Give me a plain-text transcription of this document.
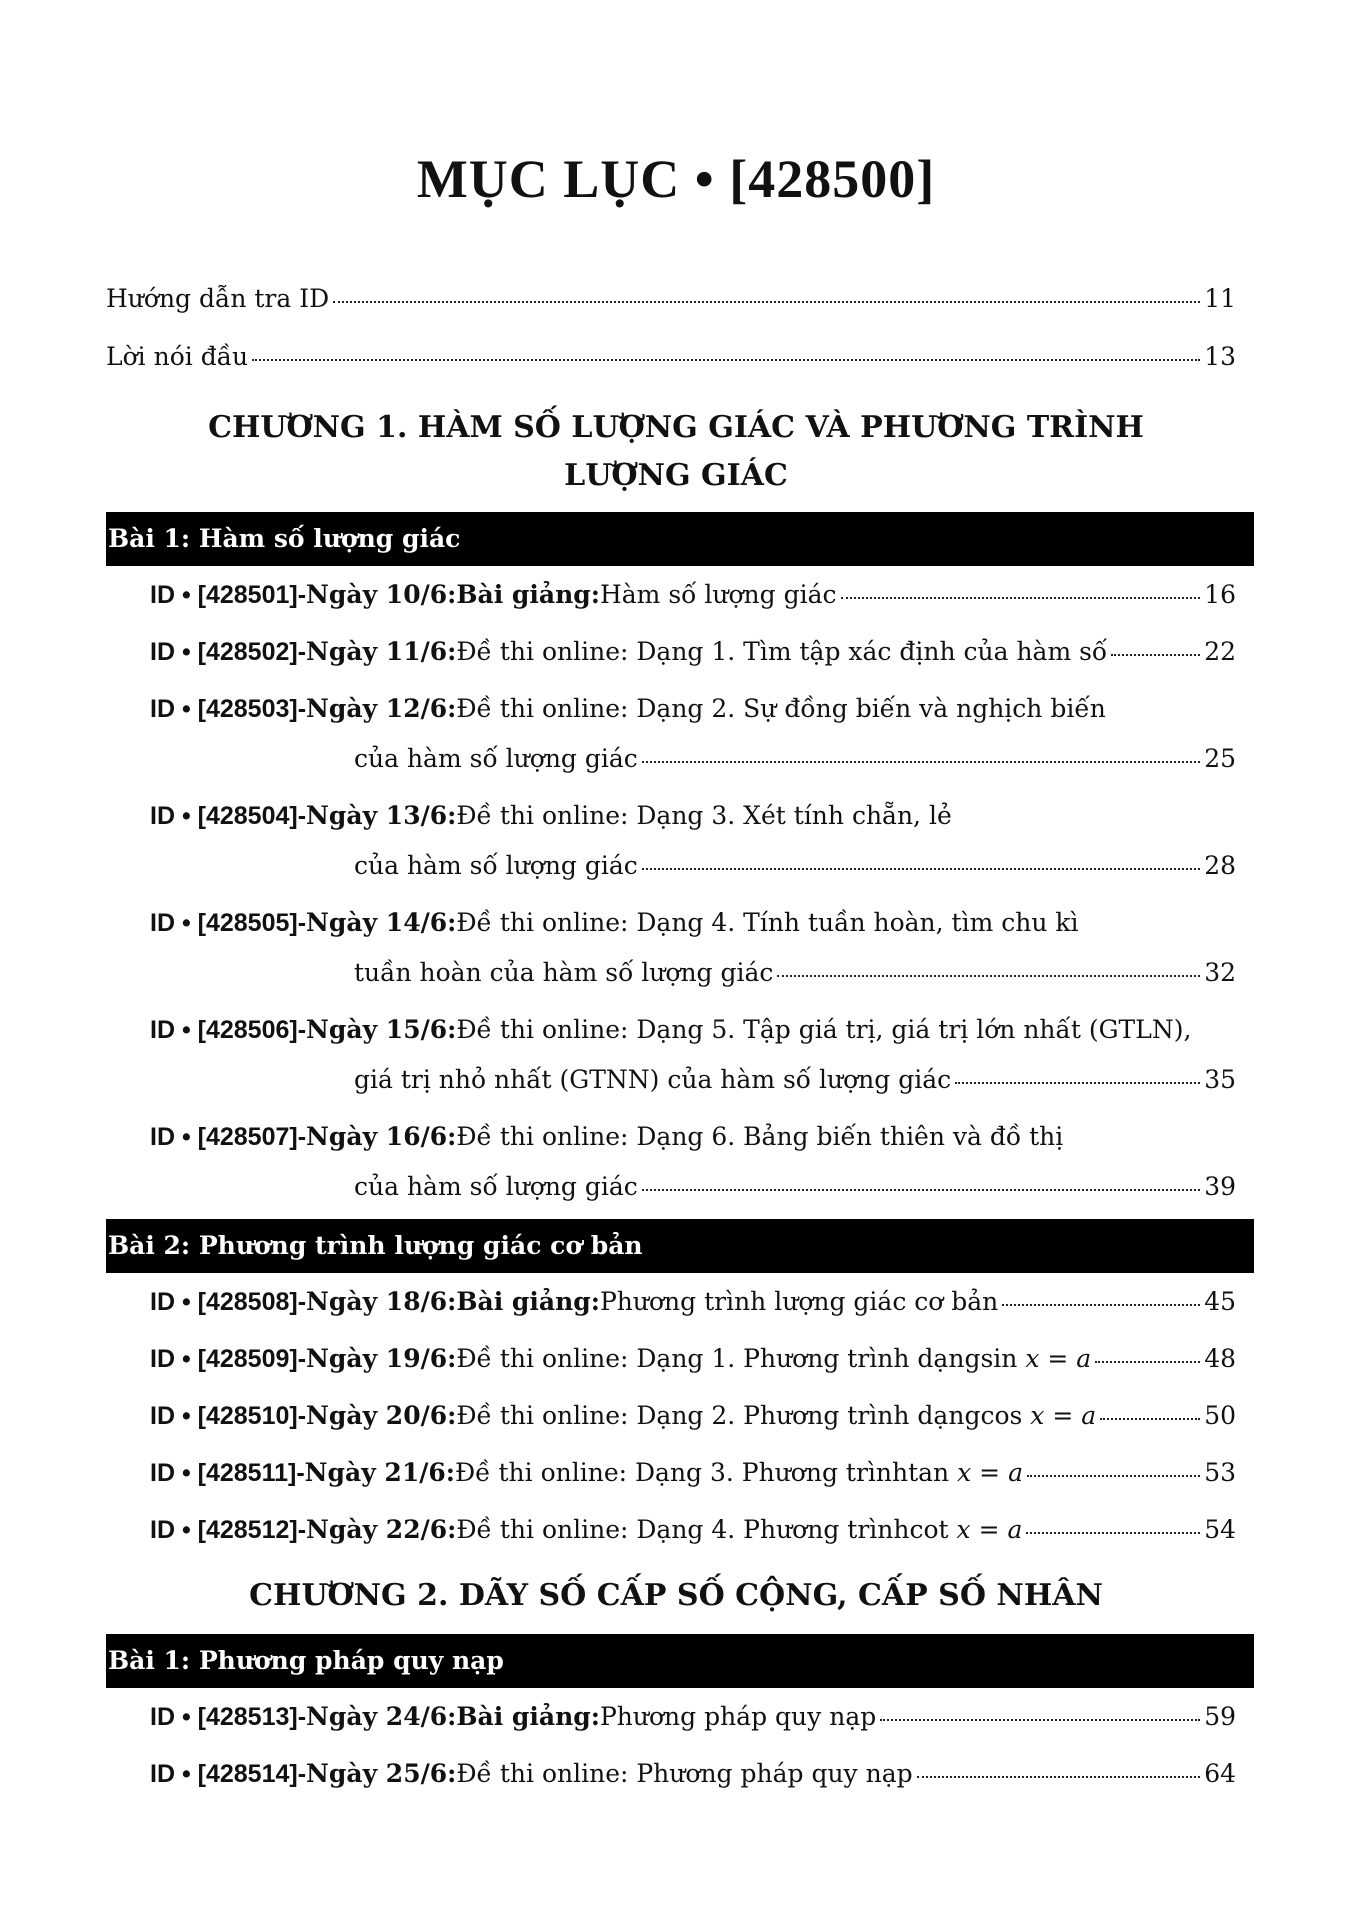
MỤC LỤC • [428500]
Hướng dẫn tra ID	11
Lời nói đầu	13
CHƯƠNG 1. HÀM SỐ LƯỢNG GIÁC VÀ PHƯƠNG TRÌNH
LƯỢNG GIÁC
Bài 1: Hàm số lượng giác
ID • [428501] - Ngày 10/6: Bài giảng: Hàm số lượng giác	16
ID • [428502] - Ngày 11/6: Đề thi online: Dạng 1. Tìm tập xác định của hàm số	22
ID • [428503] - Ngày 12/6: Đề thi online: Dạng 2. Sự đồng biến và nghịch biến
của hàm số lượng giác	25
ID • [428504] - Ngày 13/6: Đề thi online: Dạng 3. Xét tính chẵn, lẻ
của hàm số lượng giác	28
ID • [428505] - Ngày 14/6: Đề thi online: Dạng 4. Tính tuần hoàn, tìm chu kì
tuần hoàn của hàm số lượng giác	32
ID • [428506] - Ngày 15/6: Đề thi online: Dạng 5. Tập giá trị, giá trị lớn nhất (GTLN),
giá trị nhỏ nhất (GTNN) của hàm số lượng giác	35
ID • [428507] - Ngày 16/6: Đề thi online: Dạng 6. Bảng biến thiên và đồ thị
của hàm số lượng giác	39
Bài 2: Phương trình lượng giác cơ bản
ID • [428508] - Ngày 18/6: Bài giảng: Phương trình lượng giác cơ bản	45
ID • [428509] - Ngày 19/6: Đề thi online: Dạng 1. Phương trình dạng sin x = a	48
ID • [428510] - Ngày 20/6: Đề thi online: Dạng 2. Phương trình dạng cos x = a	50
ID • [428511] - Ngày 21/6: Đề thi online: Dạng 3. Phương trình tan x = a	53
ID • [428512] - Ngày 22/6: Đề thi online: Dạng 4. Phương trình cot x = a	54
CHƯƠNG 2. DÃY SỐ CẤP SỐ CỘNG, CẤP SỐ NHÂN
Bài 1: Phương pháp quy nạp
ID • [428513] - Ngày 24/6: Bài giảng: Phương pháp quy nạp	59
ID • [428514] - Ngày 25/6: Đề thi online: Phương pháp quy nạp	64
